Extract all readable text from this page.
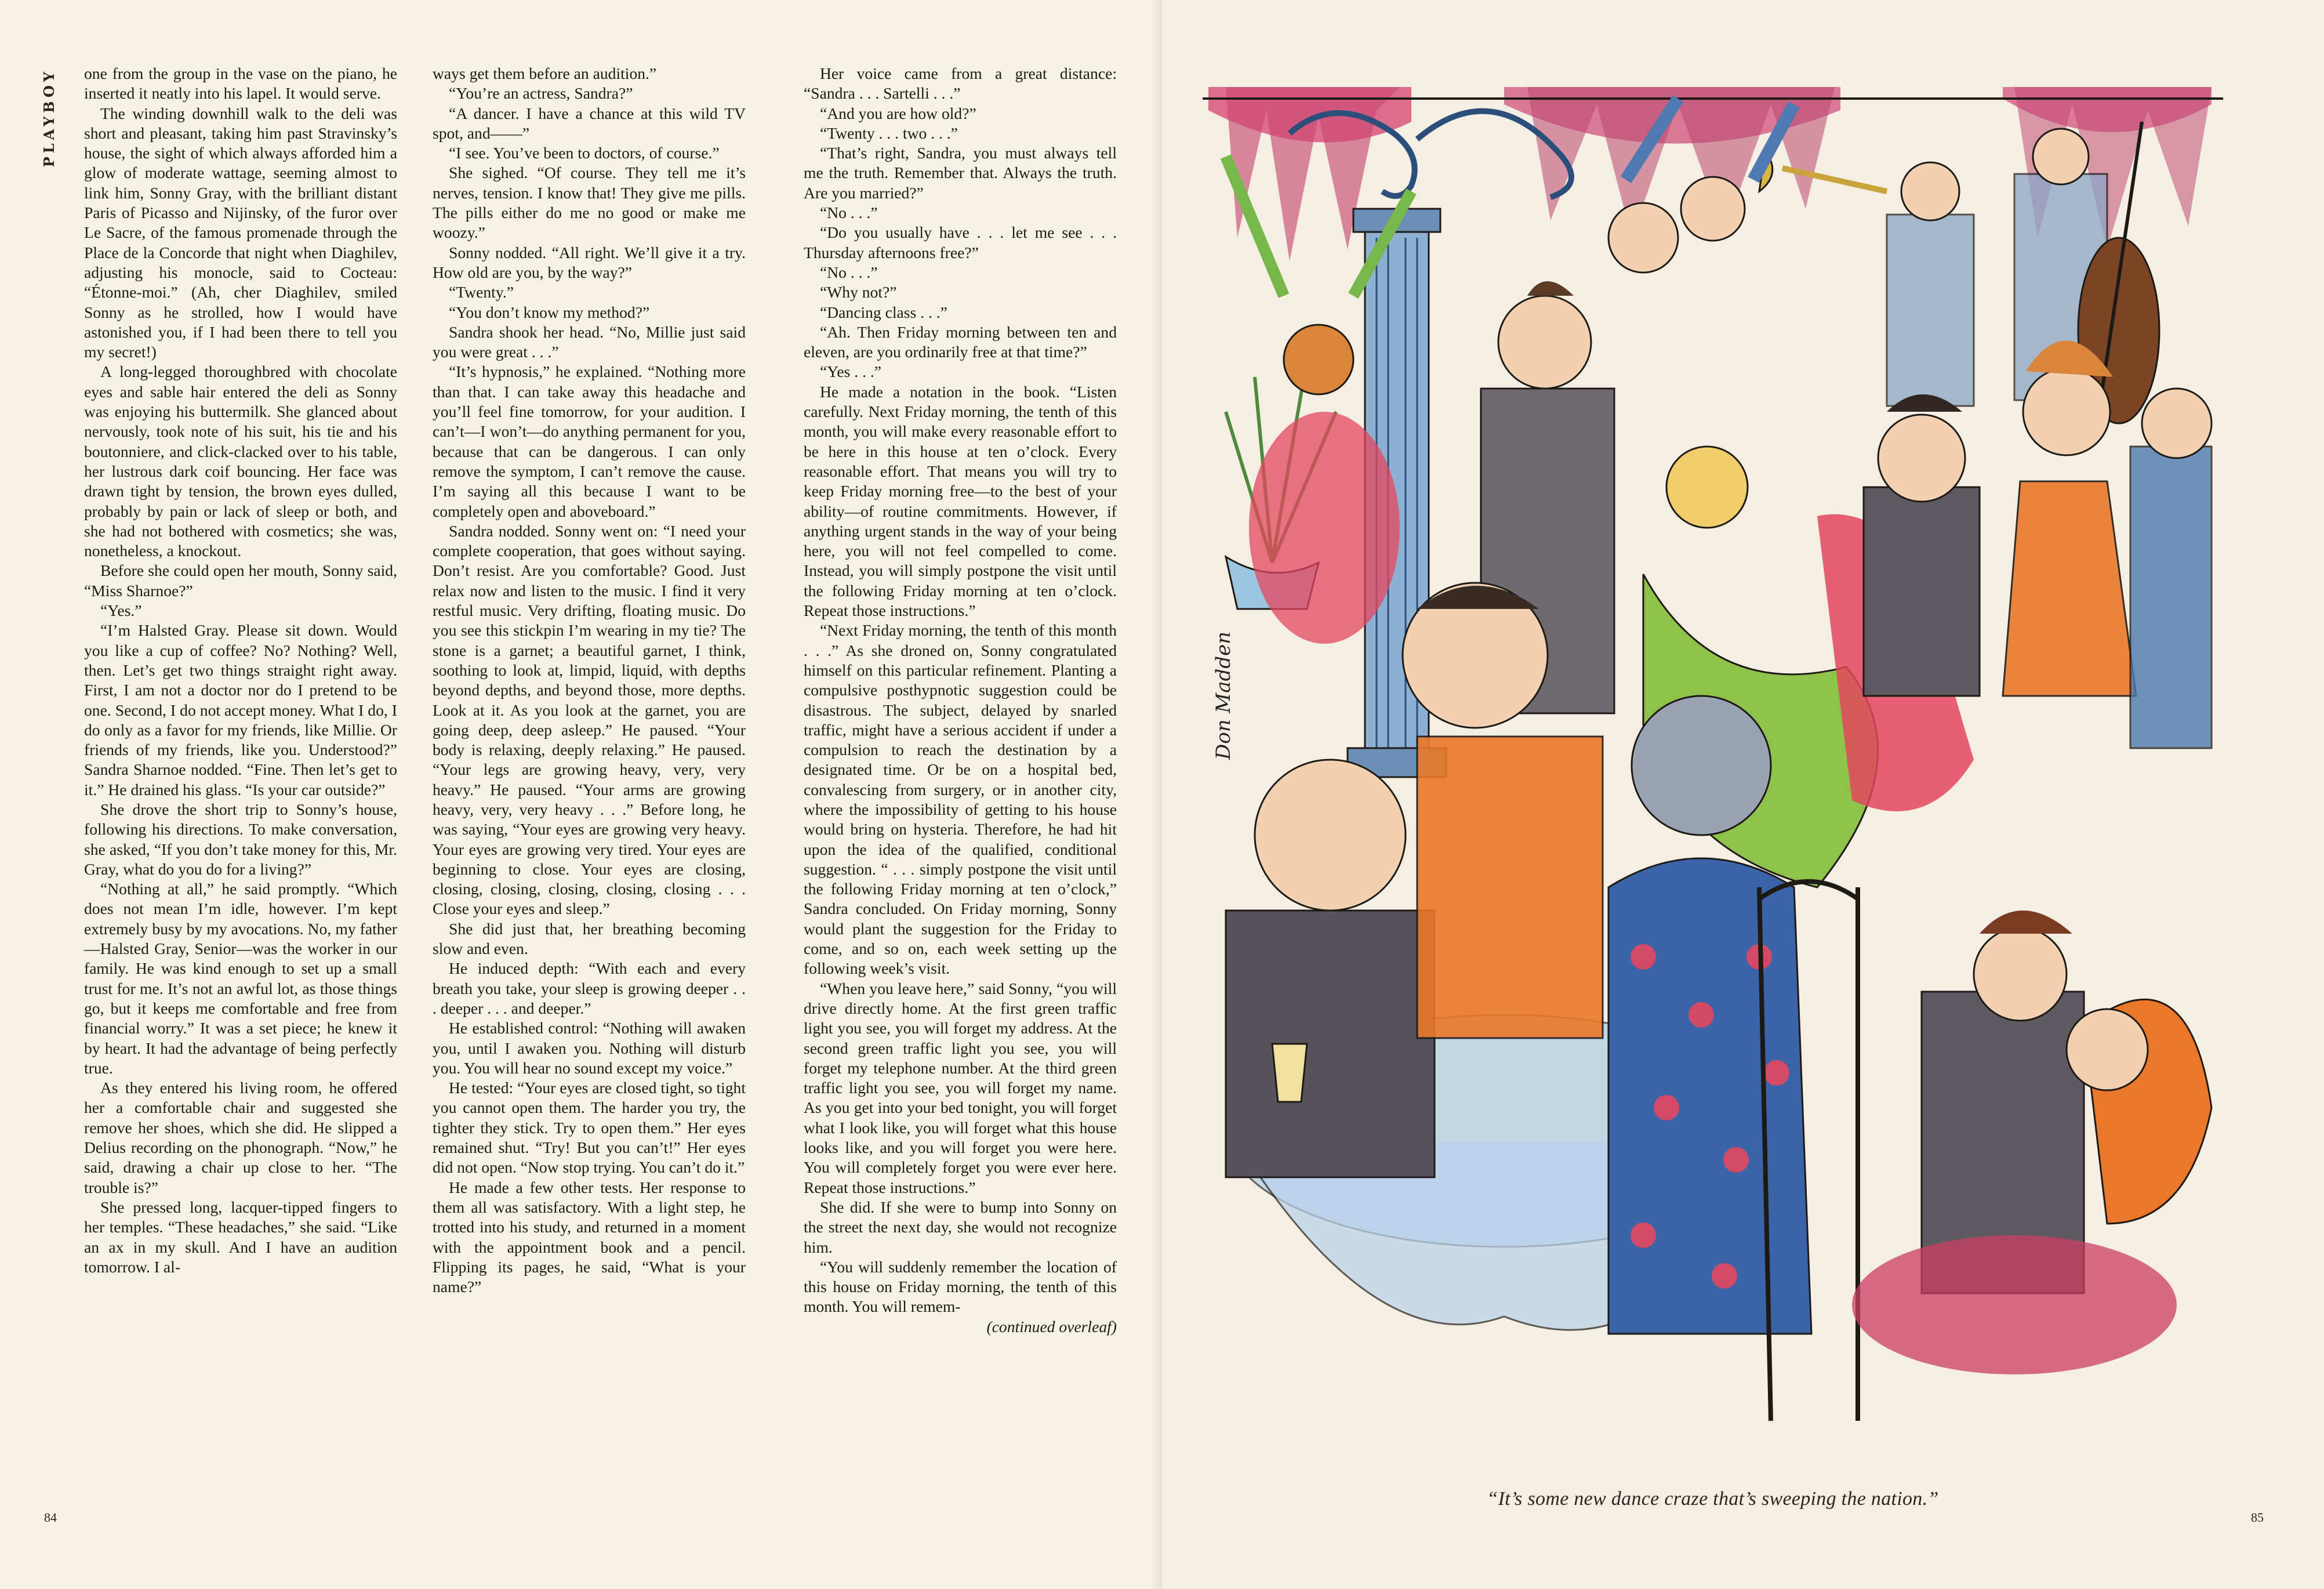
PLAYBOY one from the group in the vase on the piano, he inserted it neatly into his lapel. It would serve.

The winding downhill walk to the deli was short and pleasant, taking him past Stravinsky’s house, the sight of which always afforded him a glow of moderate wattage, seeming almost to link him, Sonny Gray, with the brilliant distant Paris of Picasso and Nijinsky, of the furor over Le Sacre, of the famous promenade through the Place de la Concorde that night when Diaghilev, adjusting his monocle, said to Cocteau: “Étonne-moi.” (Ah, cher Diaghilev, smiled Sonny as he strolled, how I would have astonished you, if I had been there to tell you my secret!)

A long-legged thoroughbred with chocolate eyes and sable hair entered the deli as Sonny was enjoying his buttermilk. She glanced about nervously, took note of his suit, his tie and his boutonniere, and click-clacked over to his table, her lustrous dark coif bouncing. Her face was drawn tight by tension, the brown eyes dulled, probably by pain or lack of sleep or both, and she had not bothered with cosmetics; she was, nonetheless, a knockout.

Before she could open her mouth, Sonny said, “Miss Sharnoe?”

“Yes.”

“I’m Halsted Gray. Please sit down. Would you like a cup of coffee? No? Nothing? Well, then. Let’s get two things straight right away. First, I am not a doctor nor do I pretend to be one. Second, I do not accept money. What I do, I do only as a favor for my friends, like Millie. Or friends of my friends, like you. Understood?” Sandra Sharnoe nodded. “Fine. Then let’s get to it.” He drained his glass. “Is your car outside?”

She drove the short trip to Sonny’s house, following his directions. To make conversation, she asked, “If you don’t take money for this, Mr. Gray, what do you do for a living?”

“Nothing at all,” he said promptly. “Which does not mean I’m idle, however. I’m kept extremely busy by my avocations. No, my father—Halsted Gray, Senior—was the worker in our family. He was kind enough to set up a small trust for me. It’s not an awful lot, as those things go, but it keeps me comfortable and free from financial worry.” It was a set piece; he knew it by heart. It had the advantage of being perfectly true.

As they entered his living room, he offered her a comfortable chair and suggested she remove her shoes, which she did. He slipped a Delius recording on the phonograph. “Now,” he said, drawing a chair up close to her. “The trouble is?”

She pressed long, lacquer-tipped fingers to her temples. “These headaches,” she said. “Like an ax in my skull. And I have an audition tomorrow. I al-

ways get them before an audition.”

“You’re an actress, Sandra?”

“A dancer. I have a chance at this wild TV spot, and——”

“I see. You’ve been to doctors, of course.”

She sighed. “Of course. They tell me it’s nerves, tension. I know that! They give me pills. The pills either do me no good or make me woozy.”

Sonny nodded. “All right. We’ll give it a try. How old are you, by the way?”

“Twenty.”

“You don’t know my method?”

Sandra shook her head. “No, Millie just said you were great . . .”

“It’s hypnosis,” he explained. “Nothing more than that. I can take away this headache and you’ll feel fine tomorrow, for your audition. I can’t—I won’t—do anything permanent for you, because that can be dangerous. I can only remove the symptom, I can’t remove the cause. I’m saying all this because I want to be completely open and aboveboard.”

Sandra nodded. Sonny went on: “I need your complete cooperation, that goes without saying. Don’t resist. Are you comfortable? Good. Just relax now and listen to the music. I find it very restful music. Very drifting, floating music. Do you see this stickpin I’m wearing in my tie? The stone is a garnet; a beautiful garnet, I think, soothing to look at, limpid, liquid, with depths beyond depths, and beyond those, more depths. Look at it. As you look at the garnet, you are going deep, deep asleep.” He paused. “Your body is relaxing, deeply relaxing.” He paused. “Your legs are growing heavy, very, very heavy.” He paused. “Your arms are growing heavy, very, very heavy . . .” Before long, he was saying, “Your eyes are growing very heavy. Your eyes are growing very tired. Your eyes are beginning to close. Your eyes are closing, closing, closing, closing, closing, closing . . . Close your eyes and sleep.”

She did just that, her breathing becoming slow and even.

He induced depth: “With each and every breath you take, your sleep is growing deeper . . . deeper . . . and deeper.”

He established control: “Nothing will awaken you, until I awaken you. Nothing will disturb you. You will hear no sound except my voice.”

He tested: “Your eyes are closed tight, so tight you cannot open them. The harder you try, the tighter they stick. Try to open them.” Her eyes remained shut. “Try! But you can’t!” Her eyes did not open. “Now stop trying. You can’t do it.”

He made a few other tests. Her response to them all was satisfactory. With a light step, he trotted into his study, and returned in a moment with the appointment book and a pencil. Flipping its pages, he said, “What is your name?”

Her voice came from a great distance: “Sandra . . . Sartelli . . .”

“And you are how old?”

“Twenty . . . two . . .”

“That’s right, Sandra, you must always tell me the truth. Remember that. Always the truth. Are you married?”

“No . . .”

“Do you usually have . . . let me see . . . Thursday afternoons free?”

“No . . .”

“Why not?”

“Dancing class . . .”

“Ah. Then Friday morning between ten and eleven, are you ordinarily free at that time?”

“Yes . . .”

He made a notation in the book. “Listen carefully. Next Friday morning, the tenth of this month, you will make every reasonable effort to be here in this house at ten o’clock. Every reasonable effort. That means you will try to keep Friday morning free—to the best of your ability—of routine commitments. However, if anything urgent stands in the way of your being here, you will not feel compelled to come. Instead, you will simply postpone the visit until the following Friday morning at ten o’clock. Repeat those instructions.”

“Next Friday morning, the tenth of this month . . .” As she droned on, Sonny congratulated himself on this particular refinement. Planting a compulsive posthypnotic suggestion could be disastrous. The subject, delayed by snarled traffic, might have a serious accident if under a compulsion to reach the destination by a designated time. Or be on a hospital bed, convalescing from surgery, or in another city, where the impossibility of getting to his house would bring on hysteria. Therefore, he had hit upon the idea of the qualified, conditional suggestion. “ . . . simply postpone the visit until the following Friday morning at ten o’clock,” Sandra concluded. On Friday morning, Sonny would plant the suggestion for the Friday to come, and so on, each week setting up the following week’s visit.

“When you leave here,” said Sonny, “you will drive directly home. At the first green traffic light you see, you will forget my address. At the second green traffic light you see, you will forget my telephone number. At the third green traffic light you see, you will forget my name. As you get into your bed tonight, you will forget what I look like, you will forget what this house looks like, and you will forget you were here. You will completely forget you were ever here. Repeat those instructions.”

She did. If she were to bump into Sonny on the street the next day, she would not recognize him.

“You will suddenly remember the location of this house on Friday morning, the tenth of this month. You will remem-

(continued overleaf)

84
Don Madden
“It’s some new dance craze that’s sweeping the nation.”
85
